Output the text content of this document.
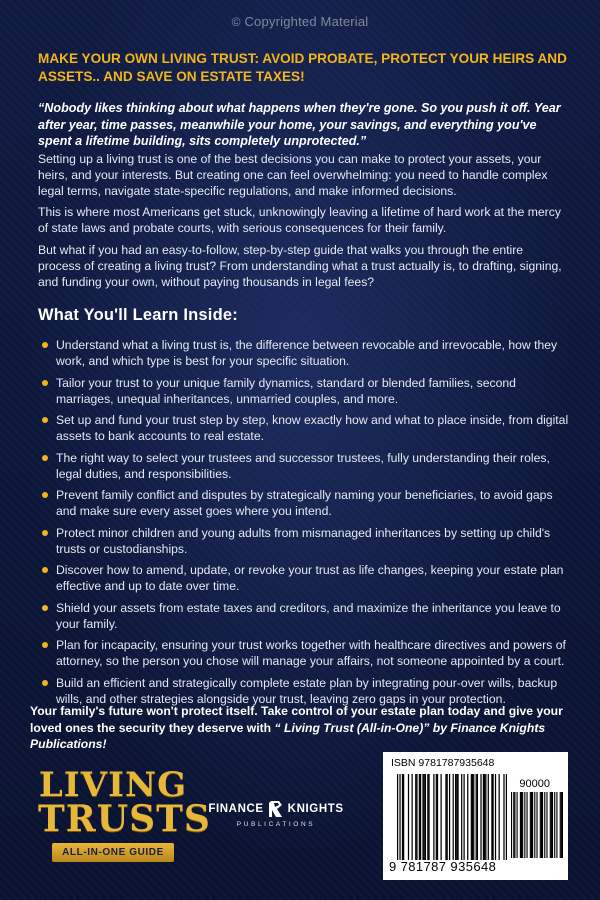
© Copyrighted Material
MAKE YOUR OWN LIVING TRUST: AVOID PROBATE, PROTECT YOUR HEIRS AND ASSETS.. AND SAVE ON ESTATE TAXES!
“Nobody likes thinking about what happens when they're gone. So you push it off. Year after year, time passes, meanwhile your home, your savings, and everything you've spent a lifetime building, sits completely unprotected.”
Setting up a living trust is one of the best decisions you can make to protect your assets, your heirs, and your interests. But creating one can feel overwhelming: you need to handle complex legal terms, navigate state-specific regulations, and make informed decisions.
This is where most Americans get stuck, unknowingly leaving a lifetime of hard work at the mercy of state laws and probate courts, with serious consequences for their family.
But what if you had an easy-to-follow, step-by-step guide that walks you through the entire process of creating a living trust? From understanding what a trust actually is, to drafting, signing, and funding your own, without paying thousands in legal fees?
What You'll Learn Inside:
Understand what a living trust is, the difference between revocable and irrevocable, how they work, and which type is best for your specific situation.
Tailor your trust to your unique family dynamics, standard or blended families, second marriages, unequal inheritances, unmarried couples, and more.
Set up and fund your trust step by step, know exactly how and what to place inside, from digital assets to bank accounts to real estate.
The right way to select your trustees and successor trustees, fully understanding their roles, legal duties, and responsibilities.
Prevent family conflict and disputes by strategically naming your beneficiaries, to avoid gaps and make sure every asset goes where you intend.
Protect minor children and young adults from mismanaged inheritances by setting up child's trusts or custodianships.
Discover how to amend, update, or revoke your trust as life changes, keeping your estate plan effective and up to date over time.
Shield your assets from estate taxes and creditors, and maximize the inheritance you leave to your family.
Plan for incapacity, ensuring your trust works together with healthcare directives and powers of attorney, so the person you chose will manage your affairs, not someone appointed by a court.
Build an efficient and strategically complete estate plan by integrating pour-over wills, backup wills, and other strategies alongside your trust, leaving zero gaps in your protection.
Your family's future won't protect itself. Take control of your estate plan today and give your loved ones the security they deserve with “ Living Trust (All-in-One)” by Finance Knights Publications!
LIVING
TRUSTS
ALL-IN-ONE GUIDE
FINANCE KNIGHTS
PUBLICATIONS
ISBN 9781787935648
90000
9 781787 935648
